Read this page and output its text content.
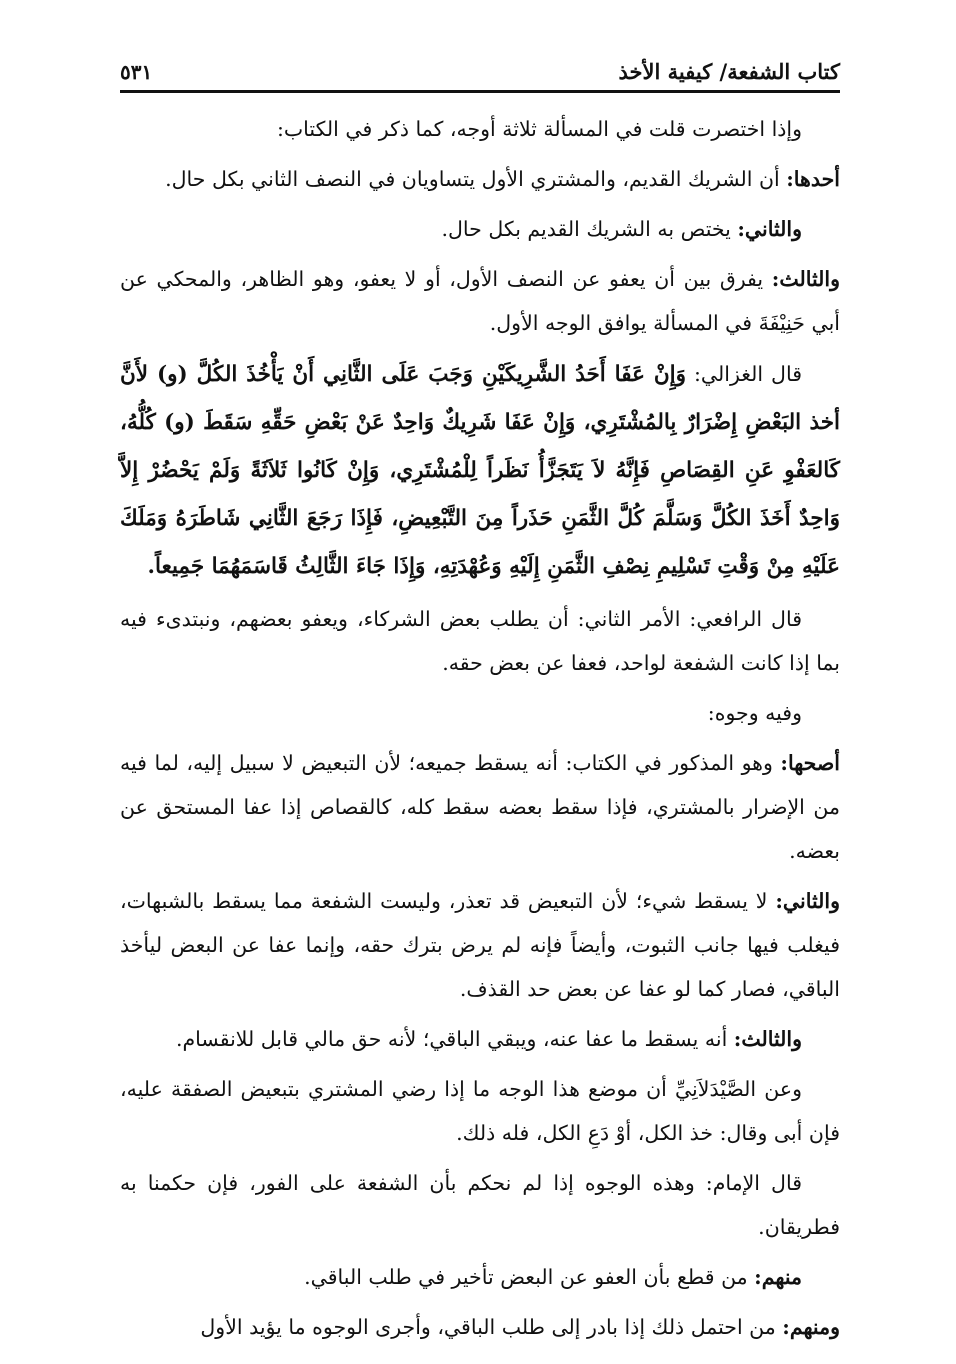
كتاب الشفعة/ كيفية الأخذ
٥٣١

وإذا اختصرت قلت في المسألة ثلاثة أوجه، كما ذكر في الكتاب:

أحدها: أن الشريك القديم، والمشتري الأول يتساويان في النصف الثاني بكل حال.

والثاني: يختص به الشريك القديم بكل حال.

والثالث: يفرق بين أن يعفو عن النصف الأول، أو لا يعفو، وهو الظاهر، والمحكي عن أبي حَنِيْفَةَ في المسألة يوافق الوجه الأول.

قال الغزالي: وَإِنْ عَفَا أَحَدُ الشَّرِيكَيْنِ وَجَبَ عَلَى الثَّانِي أَنْ يَأْخُذَ الكُلَّ (و) لأَنَّ أخذ البَعْضِ إِضْرَارٌ بِالمُشْتَرِي، وَإِنْ عَفَا شَرِيكٌ وَاحِدٌ عَنْ بَعْضِ حَقِّهِ سَقَطَ (و) كُلُّهُ، كَالعَفْوِ عَنِ القِصَاصِ فَإِنَّهُ لاَ يَتَجَزَّأُ نَظَراً لِلْمُشْتَرِي، وَإِنْ كَانُوا ثَلاَثَةً وَلَمْ يَحْضُرْ إِلاَّ وَاحِدٌ أَخَذَ الكُلَّ وَسَلَّمَ كُلَّ الثَّمَنِ حَذَراً مِنَ التَّبْعِيضِ، فَإِذَا رَجَعَ الثَّانِي شَاطَرَهُ وَمَلَكَ عَلَيْهِ مِنْ وَقْتِ تَسْلِيمِ نِصْفِ الثَّمَنِ إِلَيْهِ وَعُهْدَتِهِ، وَإِذَا جَاءَ الثَّالِثُ قَاسَمَهُمَا جَمِيعاً.

قال الرافعي: الأمر الثاني: أن يطلب بعض الشركاء، ويعفو بعضهم، ونبتدىء فيه بما إذا كانت الشفعة لواحد، فعفا عن بعض حقه.

وفيه وجوه:

أصحها: وهو المذكور في الكتاب: أنه يسقط جميعه؛ لأن التبعيض لا سبيل إليه، لما فيه من الإضرار بالمشتري، فإذا سقط بعضه سقط كله، كالقصاص إذا عفا المستحق عن بعضه.

والثاني: لا يسقط شيء؛ لأن التبعيض قد تعذر، وليست الشفعة مما يسقط بالشبهات، فيغلب فيها جانب الثبوت، وأيضاً فإنه لم يرض بترك حقه، وإنما عفا عن البعض ليأخذ الباقي، فصار كما لو عفا عن بعض حد القذف.

والثالث: أنه يسقط ما عفا عنه، ويبقي الباقي؛ لأنه حق مالي قابل للانقسام.

وعن الصَّيْدَلاَنِيِّ أن موضع هذا الوجه ما إذا رضي المشتري بتبعيض الصفقة عليه، فإن أبى وقال: خذ الكل، أوْ دَعِ الكل، فله ذلك.

قال الإمام: وهذه الوجوه إذا لم نحكم بأن الشفعة على الفور، فإن حكمنا به فطريقان.

منهم: من قطع بأن العفو عن البعض تأخير في طلب الباقي.

ومنهم: من احتمل ذلك إذا بادر إلى طلب الباقي، وأجرى الوجوه ما يؤيد الأول
